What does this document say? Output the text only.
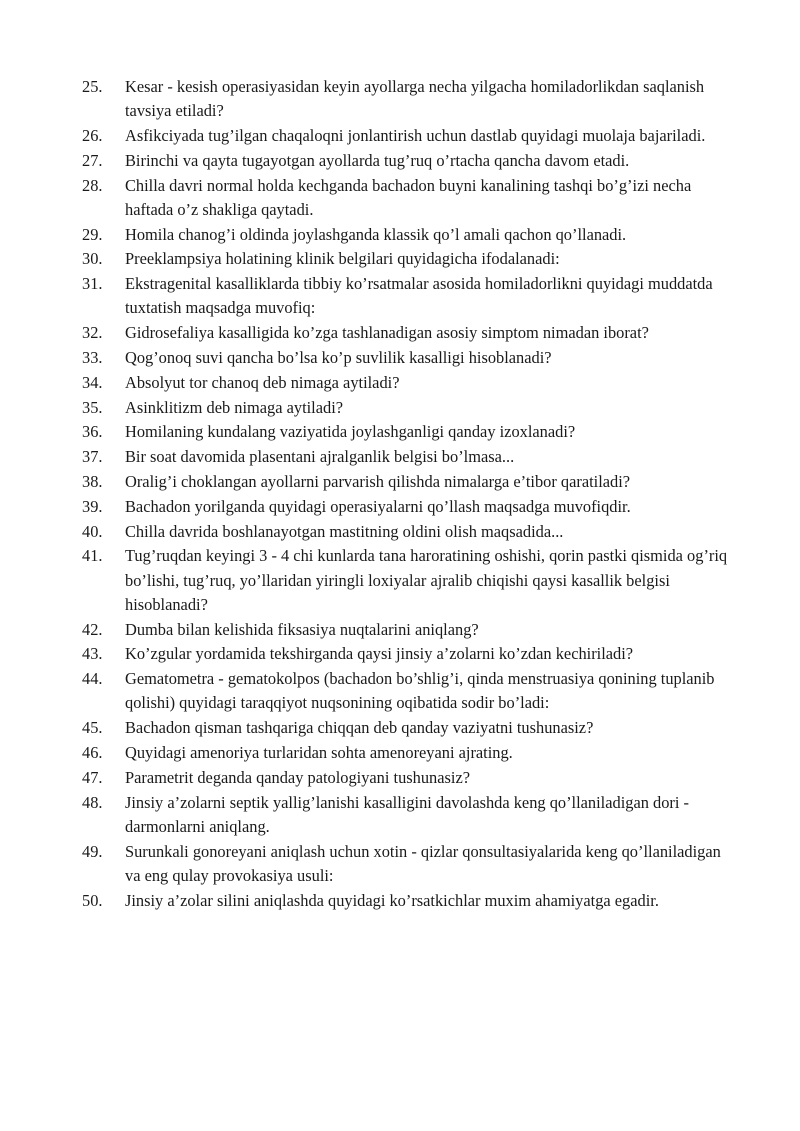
25.	Kesar - kesish operasiyasidan keyin ayollarga necha yilgacha homiladorlikdan saqlanish tavsiya etiladi?
26.	Asfikciyada tug’ilgan chaqaloqni jonlantirish uchun dastlab quyidagi muolaja bajariladi.
27.	Birinchi va qayta tugayotgan ayollarda tug’ruq o’rtacha qancha davom etadi.
28.	Chilla davri normal holda kechganda bachadon buyni kanalining tashqi bo’g’izi necha haftada o’z shakliga qaytadi.
29.	Homila chanog’i oldinda joylashganda klassik qo’l amali qachon qo’llanadi.
30.	Preeklampsiya holatining klinik belgilari quyidagicha ifodalanadi:
31.	Ekstragenital kasalliklarda tibbiy ko’rsatmalar asosida homiladorlikni quyidagi muddatda tuxtatish maqsadga muvofiq:
32.	Gidrosefaliya kasalligida ko’zga tashlanadigan asosiy simptom nimadan iborat?
33.	Qog’onoq suvi qancha bo’lsa ko’p suvlilik kasalligi hisoblanadi?
34.	Absolyut tor chanoq deb nimaga aytiladi?
35.	Asinklitizm deb nimaga aytiladi?
36.	Homilaning kundalang vaziyatida joylashganligi qanday izoxlanadi?
37.	Bir soat davomida plasentani ajralganlik belgisi bo’lmasa...
38.	Oralig’i choklangan ayollarni parvarish qilishda nimalarga e’tibor qaratiladi?
39.	Bachadon yorilganda quyidagi operasiyalarni qo’llash maqsadga muvofiqdir.
40.	Chilla davrida boshlanayotgan mastitning oldini olish maqsadida...
41.	Tug’ruqdan keyingi 3 - 4 chi kunlarda tana haroratining oshishi, qorin pastki qismida og’riq bo’lishi, tug’ruq, yo’llaridan yiringli loxiyalar ajralib chiqishi qaysi kasallik belgisi hisoblanadi?
42.	Dumba bilan kelishida fiksasiya nuqtalarini aniqlang?
43.	Ko’zgular yordamida tekshirganda qaysi jinsiy a’zolarni ko’zdan kechiriladi?
44.	Gematometra - gematokolpos (bachadon bo’shlig’i, qinda menstruasiya qonining tuplanib qolishi) quyidagi taraqqiyot nuqsonining oqibatida sodir bo’ladi:
45.	Bachadon qisman tashqariga chiqqan deb qanday vaziyatni tushunasiz?
46.	Quyidagi amenoriya turlaridan sohta amenoreyani ajrating.
47.	Parametrit deganda qanday patologiyani tushunasiz?
48.	Jinsiy a’zolarni septik yallig’lanishi kasalligini davolashda keng qo’llaniladigan dori - darmonlarni aniqlang.
49.	Surunkali gonoreyani aniqlash uchun xotin - qizlar qonsultasiyalarida keng qo’llaniladigan va eng qulay provokasiya usuli:
50.	Jinsiy a’zolar silini aniqlashda quyidagi ko’rsatkichlar muxim ahamiyatga egadir.
